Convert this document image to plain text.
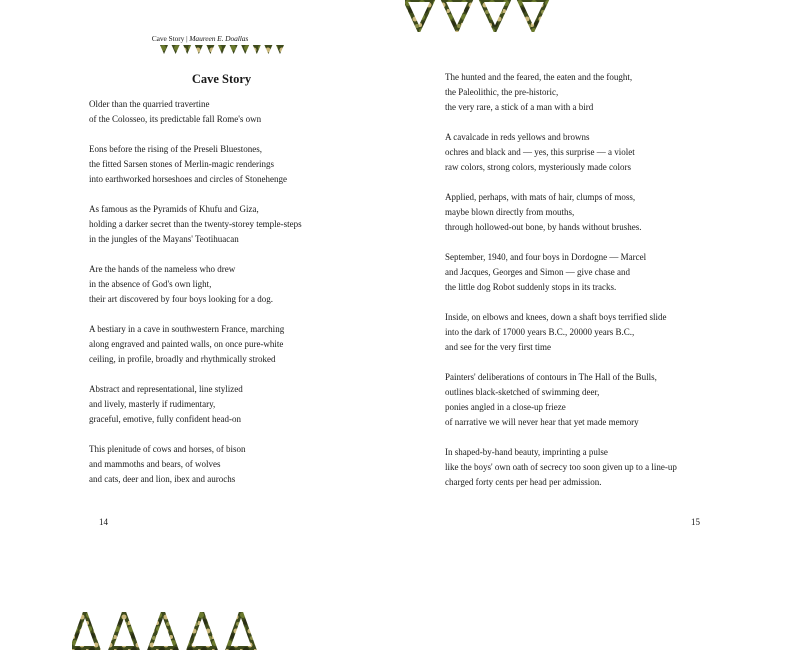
Cave Story | Maureen E. Doallas
Cave Story
Older than the quarried travertine
of the Colosseo, its predictable fall Rome's own
Eons before the rising of the Preseli Bluestones,
the fitted Sarsen stones of Merlin-magic renderings
into earthworked horseshoes and circles of Stonehenge
As famous as the Pyramids of Khufu and Giza,
holding a darker secret than the twenty-storey temple-steps
in the jungles of the Mayans' Teotihuacan
Are the hands of the nameless who drew
in the absence of God's own light,
their art discovered by four boys looking for a dog.
A bestiary in a cave in southwestern France, marching
along engraved and painted walls, on once pure-white
ceiling, in profile, broadly and rhythmically stroked
Abstract and representational, line stylized
and lively, masterly if rudimentary,
graceful, emotive, fully confident head-on
This plenitude of cows and horses, of bison
and mammoths and bears, of wolves
and cats, deer and lion, ibex and aurochs
14
The hunted and the feared, the eaten and the fought,
the Paleolithic, the pre-historic,
the very rare, a stick of a man with a bird
A cavalcade in reds yellows and browns
ochres and black and — yes, this surprise — a violet
raw colors, strong colors, mysteriously made colors
Applied, perhaps, with mats of hair, clumps of moss,
maybe blown directly from mouths,
through hollowed-out bone, by hands without brushes.
September, 1940, and four boys in Dordogne — Marcel
and Jacques, Georges and Simon — give chase and
the little dog Robot suddenly stops in its tracks.
Inside, on elbows and knees, down a shaft boys terrified slide
into the dark of 17000 years B.C., 20000 years B.C.,
and see for the very first time
Painters' deliberations of contours in The Hall of the Bulls,
outlines black-sketched of swimming deer,
ponies angled in a close-up frieze
of narrative we will never hear that yet made memory
In shaped-by-hand beauty, imprinting a pulse
like the boys' own oath of secrecy too soon given up to a line-up
charged forty cents per head per admission.
15
